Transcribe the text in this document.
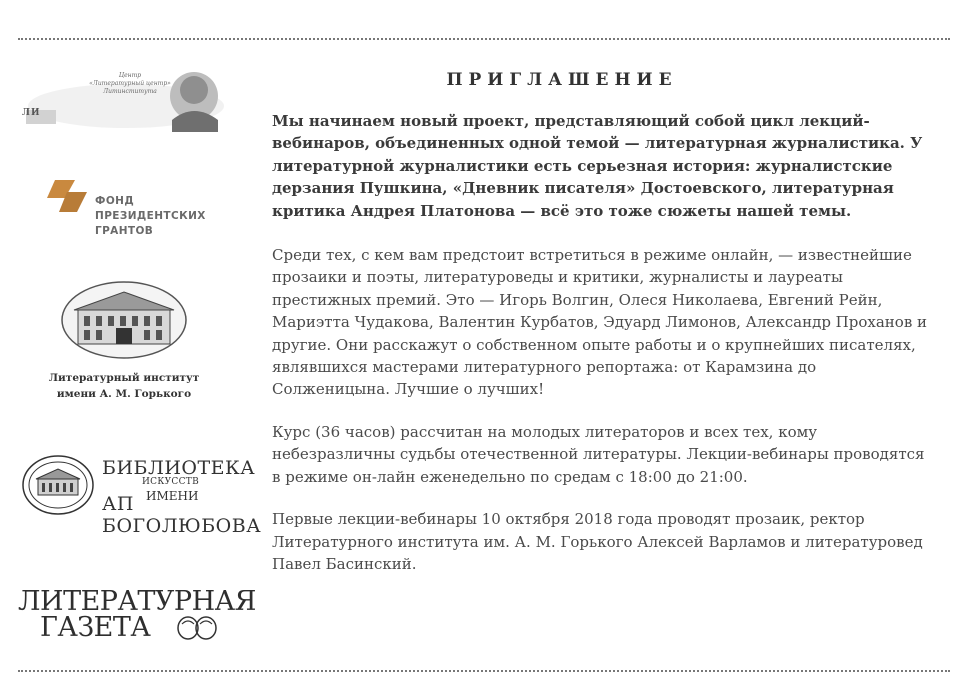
Центр
«Литературный центр»
Литинститута
ЛИ
ФОНД
ПРЕЗИДЕНТСКИХ
ГРАНТОВ
Литературный институт
имени А. М. Горького
БИБЛИОТЕКА
ИСКУССТВ
ИМЕНИ
АП БОГОЛЮБОВА
ЛИТЕРАТУРНАЯ
ГАЗЕТА
ПРИГЛАШЕНИЕ

Мы начинаем новый проект, представляющий собой цикл лекций-вебинаров, объединенных одной темой — литературная журналистика. У литературной журналистики есть серьезная история: журналистские дерзания Пушкина, «Дневник писателя» Достоевского, литературная критика Андрея Платонова — всё это тоже сюжеты нашей темы.

Среди тех, с кем вам предстоит встретиться в режиме онлайн, — известнейшие прозаики и поэты, литературоведы и критики, журналисты и лауреаты престижных премий. Это — Игорь Волгин, Олеся Николаева, Евгений Рейн, Мариэтта Чудакова, Валентин Курбатов, Эдуард Лимонов, Александр Проханов и другие. Они расскажут о собственном опыте работы и о крупнейших писателях, являвшихся мастерами литературного репортажа: от Карамзина до Солженицына. Лучшие о лучших!

Курс (36 часов) рассчитан на молодых литераторов и всех тех, кому небезразличны судьбы отечественной литературы. Лекции-вебинары проводятся в режиме он-лайн еженедельно по средам с 18:00 до 21:00.

Первые лекции-вебинары 10 октября 2018 года проводят прозаик, ректор Литературного института им. А. М. Горького Алексей Варламов и литературовед Павел Басинский.
